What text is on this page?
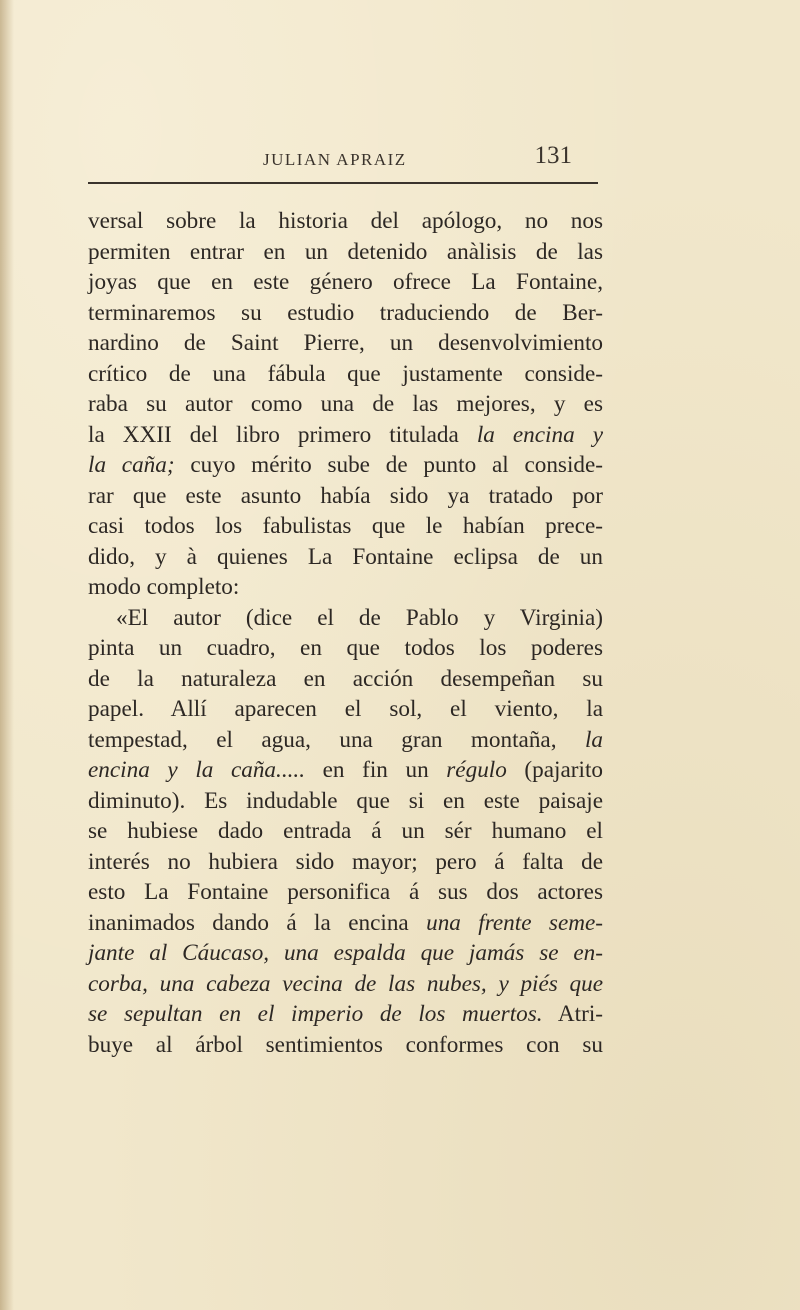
JULIAN APRAIZ	131
versal sobre la historia del apólogo, no nos
permiten entrar en un detenido anàlisis de las
joyas que en este género ofrece La Fontaine,
terminaremos su estudio traduciendo de Ber-
nardino de Saint Pierre, un desenvolvimiento
crítico de una fábula que justamente conside-
raba su autor como una de las mejores, y es
la XXII del libro primero titulada la encina y
la caña; cuyo mérito sube de punto al conside-
rar que este asunto había sido ya tratado por
casi todos los fabulistas que le habían prece-
dido, y à quienes La Fontaine eclipsa de un
modo completo:
«El autor (dice el de Pablo y Virginia)
pinta un cuadro, en que todos los poderes
de la naturaleza en acción desempeñan su
papel. Allí aparecen el sol, el viento, la
tempestad, el agua, una gran montaña, la
encina y la caña..... en fin un régulo (pajarito
diminuto). Es indudable que si en este paisaje
se hubiese dado entrada á un sér humano el
interés no hubiera sido mayor; pero á falta de
esto La Fontaine personifica á sus dos actores
inanimados dando á la encina una frente seme-
jante al Cáucaso, una espalda que jamás se en-
corba, una cabeza vecina de las nubes, y piés que
se sepultan en el imperio de los muertos. Atri-
buye al árbol sentimientos conformes con su
